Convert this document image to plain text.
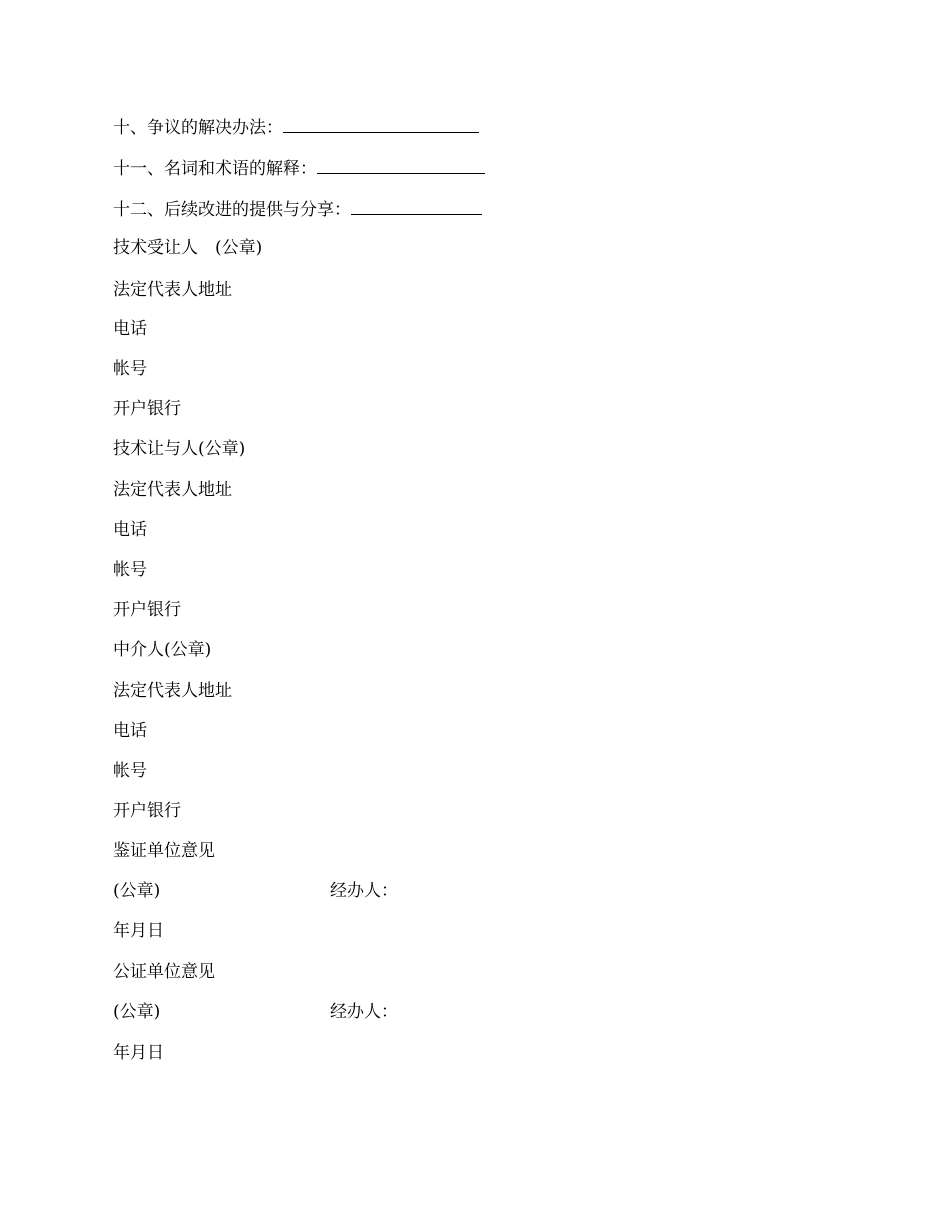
十、争议的解决办法：
十一、名词和术语的解释：
十二、后续改进的提供与分享：
技术受让人　(公章)
法定代表人地址
电话
帐号
开户银行
技术让与人(公章)
法定代表人地址
电话
帐号
开户银行
中介人(公章)
法定代表人地址
电话
帐号
开户银行
鉴证单位意见
(公章)	经办人：
年月日
公证单位意见
(公章)	经办人：
年月日
